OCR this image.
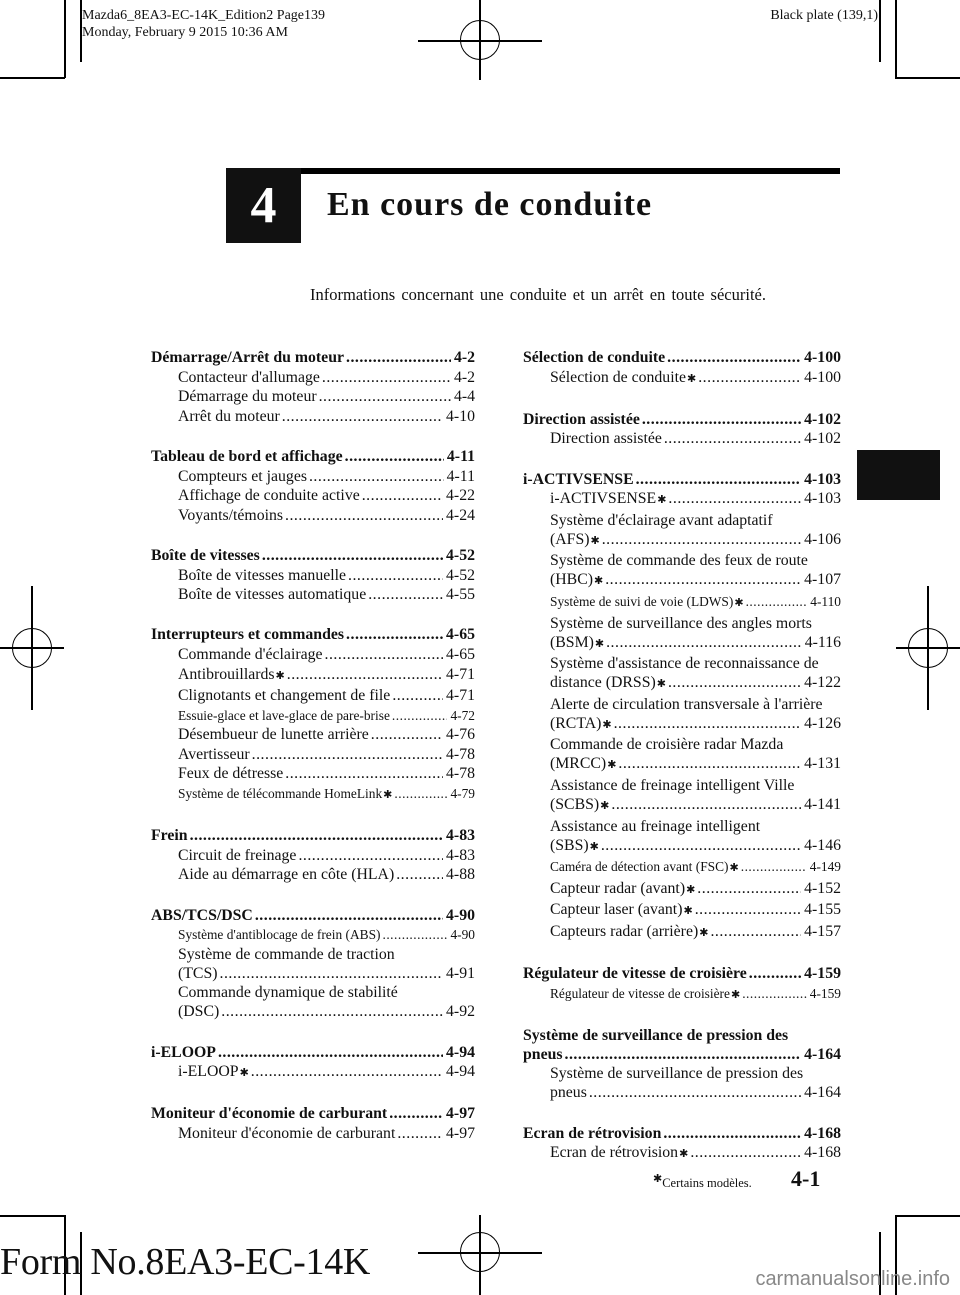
Mazda6_8EA3-EC-14K_Edition2 Page139
Monday, February 9 2015 10:36 AM
Black plate (139,1)
4	En cours de conduite
Informations concernant une conduite et un arrêt en toute sécurité.
Démarrage/Arrêt du moteur .....	4-2
Contacteur d'allumage .....	4-2
Démarrage du moteur .....	4-4
Arrêt du moteur .....	4-10
Tableau de bord et affichage .....	4-11
Compteurs et jauges .....	4-11
Affichage de conduite active .....	4-22
Voyants/témoins .....	4-24
Boîte de vitesses .....	4-52
Boîte de vitesses manuelle .....	4-52
Boîte de vitesses automatique .....	4-55
Interrupteurs et commandes .....	4-65
Commande d'éclairage .....	4-65
Antibrouillards ✱ .....	4-71
Clignotants et changement de file .....	4-71
Essuie-glace et lave-glace de pare-brise .....	4-72
Désembueur de lunette arrière .....	4-76
Avertisseur .....	4-78
Feux de détresse .....	4-78
Système de télécommande HomeLink ✱ .....	4-79
Frein .....	4-83
Circuit de freinage .....	4-83
Aide au démarrage en côte (HLA) .....	4-88
ABS/TCS/DSC .....	4-90
Système d'antiblocage de frein (ABS) .....	4-90
Système de commande de traction
(TCS) .....	4-91
Commande dynamique de stabilité
(DSC) .....	4-92
i-ELOOP .....	4-94
i-ELOOP ✱ .....	4-94
Moniteur d'économie de carburant .....	4-97
Moniteur d'économie de carburant .....	4-97
Sélection de conduite .....	4-100
Sélection de conduite ✱ .....	4-100
Direction assistée .....	4-102
Direction assistée .....	4-102
i-ACTIVSENSE .....	4-103
i-ACTIVSENSE ✱ .....	4-103
Système d'éclairage avant adaptatif
(AFS) ✱ .....	4-106
Système de commande des feux de route
(HBC) ✱ .....	4-107
Système de suivi de voie (LDWS) ✱ .....	4-110
Système de surveillance des angles morts
(BSM) ✱ .....	4-116
Système d'assistance de reconnaissance de
distance (DRSS) ✱ .....	4-122
Alerte de circulation transversale à l'arrière
(RCTA) ✱ .....	4-126
Commande de croisière radar Mazda
(MRCC) ✱ .....	4-131
Assistance de freinage intelligent Ville
(SCBS) ✱ .....	4-141
Assistance au freinage intelligent
(SBS) ✱ .....	4-146
Caméra de détection avant (FSC) ✱ .....	4-149
Capteur radar (avant) ✱ .....	4-152
Capteur laser (avant) ✱ .....	4-155
Capteurs radar (arrière) ✱ .....	4-157
Régulateur de vitesse de croisière .....	4-159
Régulateur de vitesse de croisière ✱ .....	4-159
Système de surveillance de pression des
pneus .....	4-164
Système de surveillance de pression des
pneus .....	4-164
Ecran de rétrovision .....	4-168
Ecran de rétrovision ✱ .....	4-168
✱Certains modèles. 4-1
Form No.8EA3-EC-14K	carmanualsonline.info
